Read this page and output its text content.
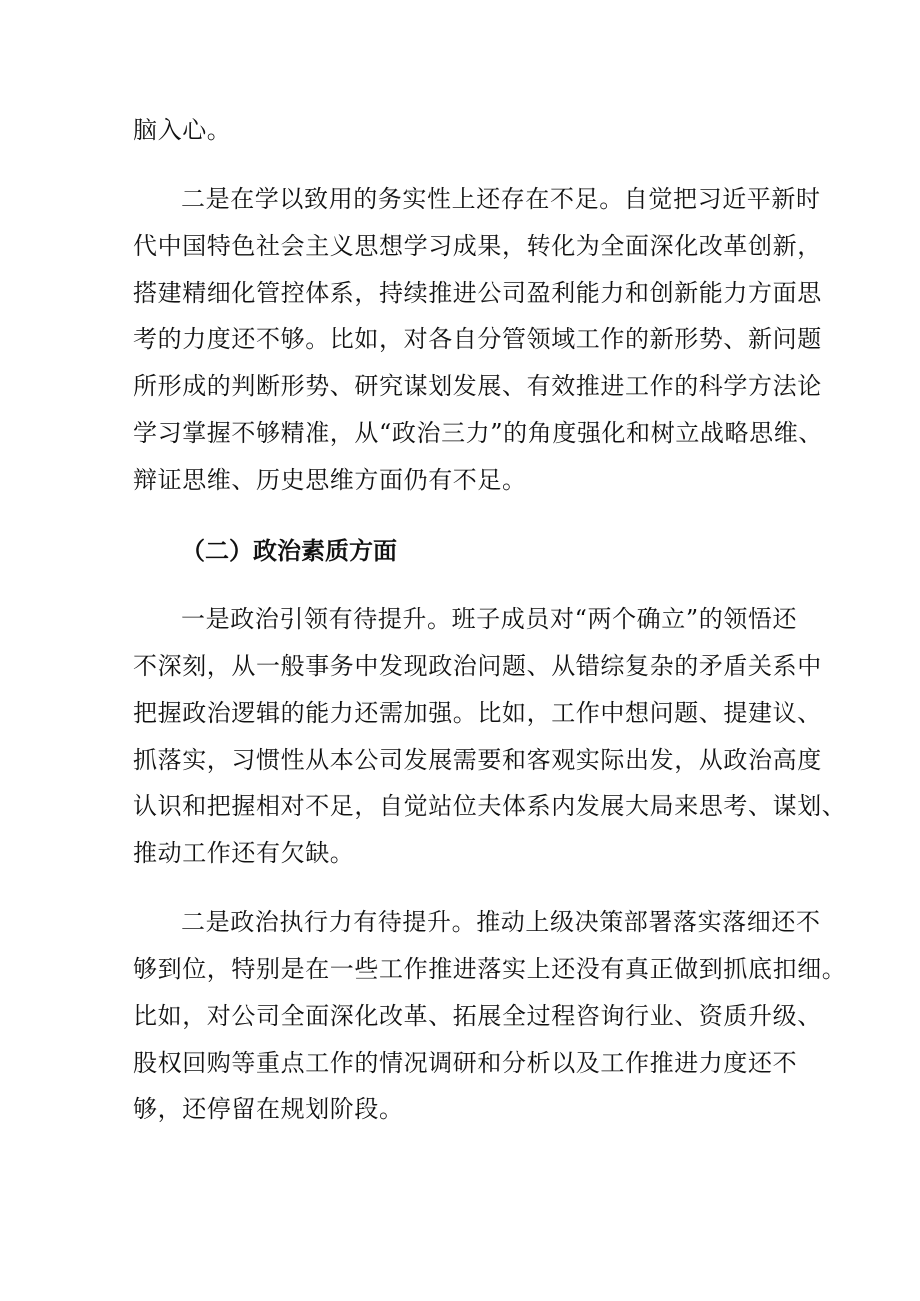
脑入心。
二是在学以致用的务实性上还存在不足。自觉把习近平新时
代中国特色社会主义思想学习成果，转化为全面深化改革创新，
搭建精细化管控体系，持续推进公司盈利能力和创新能力方面思
考的力度还不够。比如，对各自分管领域工作的新形势、新问题
所形成的判断形势、研究谋划发展、有效推进工作的科学方法论
学习掌握不够精准，从“政治三力”的角度强化和树立战略思维、
辩证思维、历史思维方面仍有不足。
（二）政治素质方面
一是政治引领有待提升。班子成员对“两个确立”的领悟还
不深刻，从一般事务中发现政治问题、从错综复杂的矛盾关系中
把握政治逻辑的能力还需加强。比如，工作中想问题、提建议、
抓落实，习惯性从本公司发展需要和客观实际出发，从政治高度
认识和把握相对不足，自觉站位夫体系内发展大局来思考、谋划、
推动工作还有欠缺。
二是政治执行力有待提升。推动上级决策部署落实落细还不
够到位，特别是在一些工作推进落实上还没有真正做到抓底扣细。
比如，对公司全面深化改革、拓展全过程咨询行业、资质升级、
股权回购等重点工作的情况调研和分析以及工作推进力度还不
够，还停留在规划阶段。
